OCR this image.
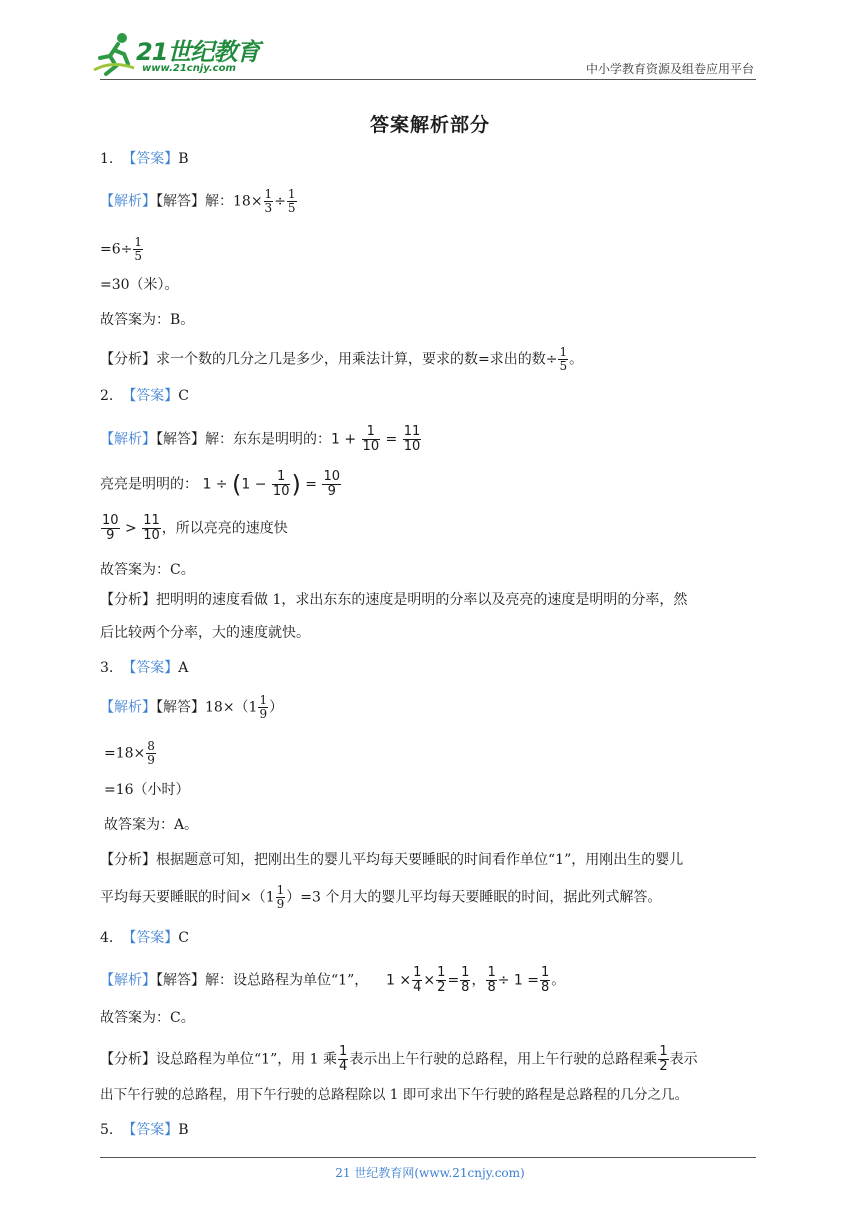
21世纪教育
www.21cnjy.com	中小学教育资源及组卷应用平台
答案解析部分
1. 【答案】B
【解析】【解答】解：$18\times \frac{1}{3} \div \frac{1}{5}$
$=6\div \frac{1}{5}$
=30（米）。
故答案为：B。
【分析】求一个数的几分之几是多少，用乘法计算，要求的数=求出的数÷ $\frac{1}{5}$ 。
2. 【答案】C
【解析】【解答】解：东东是明明的：$1 + \frac{1}{10} = \frac{11}{10}$
亮亮是明明的： $1 \div (1 - \frac{1}{10}$ ) = $\frac{10}{9}$
$\frac{10}{9} > \frac{11}{10}$ ，所以亮亮的速度快
故答案为：C。
【分析】把明明的速度看做 1，求出东东的速度是明明的分率以及亮亮的速度是明明的分率，然
后比较两个分率，大的速度就快。
3. 【答案】A
【解析】【解答】$18\times(1 \frac{1}{9}$ ）
$=18\times \frac{8}{9}$
=16（小时）
故答案为：A。
【分析】根据题意可知，把刚出生的婴儿平均每天要睡眠的时间看作单位“1”，用刚出生的婴儿
平均每天要睡眠的时间$\times(1 \frac{1}{9} )=3$ 个月大的婴儿平均每天要睡眠的时间，据此列式解答。
4. 【答案】C
【解析】【解答】解：设总路程为单位“1”， $1 \times \frac{1}{4} \times \frac{1}{2} = \frac{1}{8}$ ， $\frac{1}{8} \div 1 = \frac{1}{8}$ 。
故答案为：C。
【分析】设总路程为单位“1”，用 1 乘 $\frac{1}{4}$ 表示出上午行驶的总路程，用上午行驶的总路程乘 $\frac{1}{2}$ 表示
出下午行驶的总路程，用下午行驶的总路程除以 1 即可求出下午行驶的路程是总路程的几分之几。
5. 【答案】B
21 世纪教育网(www.21cnjy.com)
